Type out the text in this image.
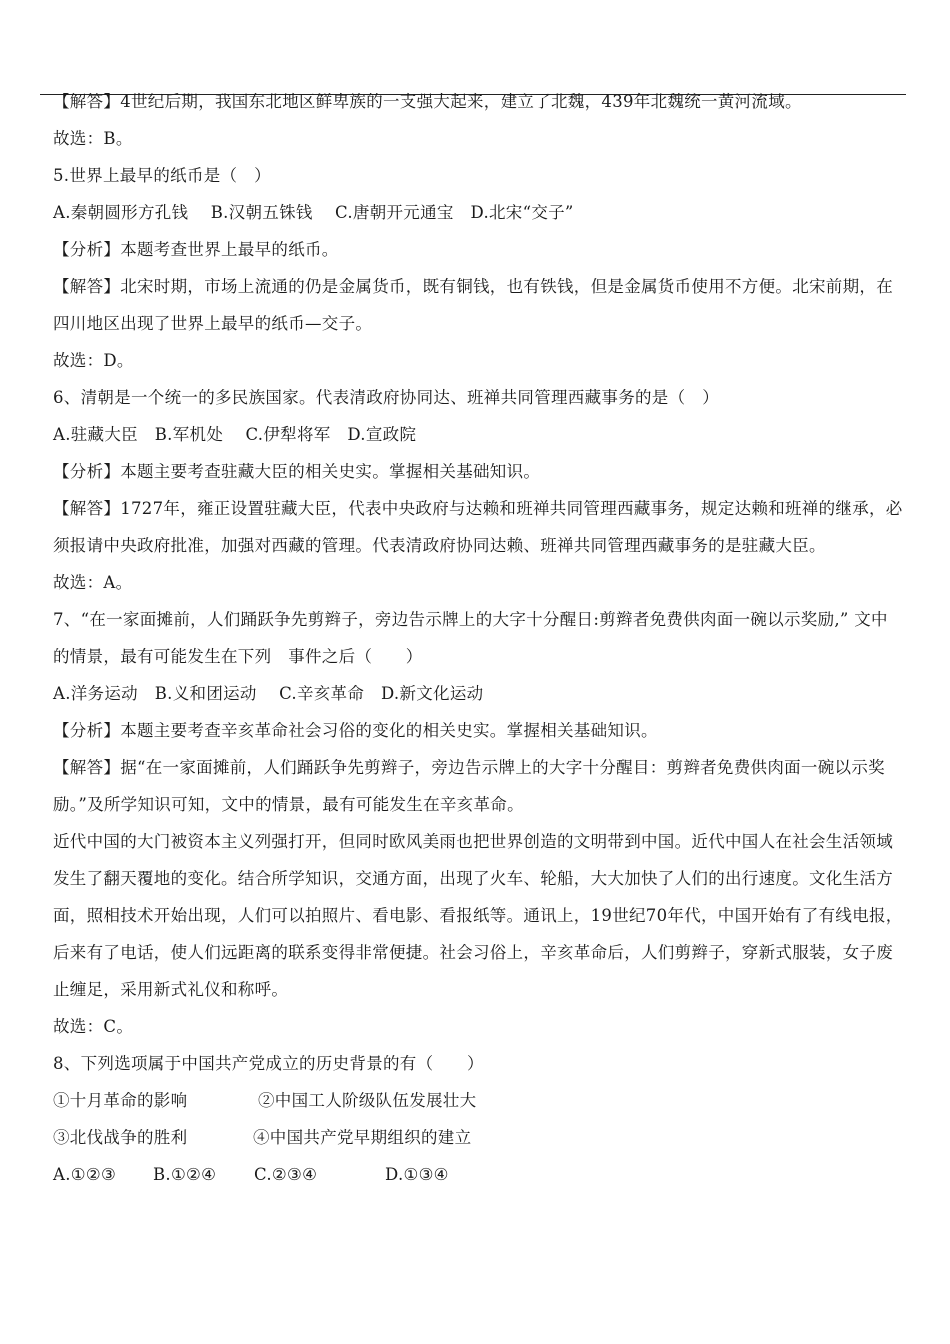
【解答】4世纪后期，我国东北地区鲜卑族的一支强大起来，建立了北魏，439年北魏统一黄河流域。
故选：B。
5.世界上最早的纸币是（　）
A.秦朝圆形方孔钱　 B.汉朝五铢钱　 C.唐朝开元通宝　D.北宋“交子”
【分析】本题考查世界上最早的纸币。
【解答】北宋时期，市场上流通的仍是金属货币，既有铜钱，也有铁钱，但是金属货币使用不方便。北宋前期，在
四川地区出现了世界上最早的纸币—交子。
故选：D。
6、清朝是一个统一的多民族国家。代表清政府协同达、班禅共同管理西藏事务的是（　）
A.驻藏大臣　B.军机处　 C.伊犁将军　D.宣政院
【分析】本题主要考查驻藏大臣的相关史实。掌握相关基础知识。
【解答】1727年，雍正设置驻藏大臣，代表中央政府与达赖和班禅共同管理西藏事务，规定达赖和班禅的继承，必
须报请中央政府批准，加强对西藏的管理。代表清政府协同达赖、班禅共同管理西藏事务的是驻藏大臣。
故选：A。
7、“在一家面摊前，人们踊跃争先剪辫子，旁边告示牌上的大字十分醒日:剪辫者免费供肉面一碗以示奖励,” 文中
的情景，最有可能发生在下列　事件之后（　　）
A.洋务运动　B.义和团运动　 C.辛亥革命　D.新文化运动
【分析】本题主要考查辛亥革命社会习俗的变化的相关史实。掌握相关基础知识。
【解答】据“在一家面摊前，人们踊跃争先剪辫子，旁边告示牌上的大字十分醒目：剪辫者免费供肉面一碗以示奖
励。”及所学知识可知，文中的情景，最有可能发生在辛亥革命。
近代中国的大门被资本主义列强打开，但同时欧风美雨也把世界创造的文明带到中国。近代中国人在社会生活领域
发生了翻天覆地的变化。结合所学知识，交通方面，出现了火车、轮船，大大加快了人们的出行速度。文化生活方
面，照相技术开始出现，人们可以拍照片、看电影、看报纸等。通讯上，19世纪70年代，中国开始有了有线电报，
后来有了电话，使人们远距离的联系变得非常便捷。社会习俗上，辛亥革命后，人们剪辫子，穿新式服装，女子废
止缠足，采用新式礼仪和称呼。
故选：C。
8、下列选项属于中国共产党成立的历史背景的有（　　）
①十月革命的影响	②中国工人阶级队伍发展壮大
③北伐战争的胜利	④中国共产党早期组织的建立
A.①②③ B.①②④ C.②③④	D.①③④
